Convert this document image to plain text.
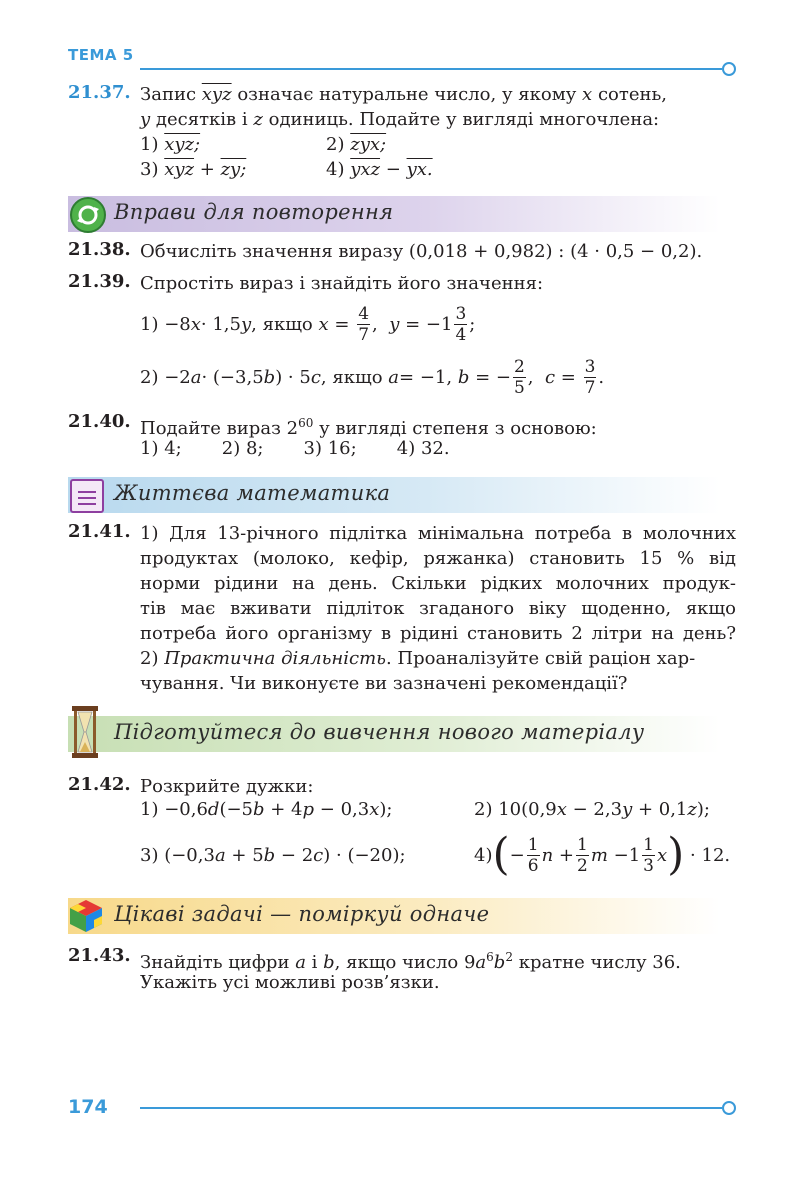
ТЕМА 5
21.37. Запис $\overline{xyz}$ означає натуральне число, у якому x сотень,
y десятків і z одиниць. Подайте у вигляді многочлена:
1) xyz;	2) zyx;
3) $\overline{xyz}$ + zy;	4) $\overline{yxz}$ − yx.
Вправи для повторення
21.38. Обчисліть значення виразу (0,018 + 0,982) : (4 · 0,5 − 0,2).
21.39. Спростіть вираз і знайдіть його значення:
1) −8 x · 1,5 y , якщо
$x = \frac{4}{7}$ , $y = -1 \frac{3}{4}$ ;
2) −2 a · (−3,5 b ) · 5 c , якщо
a = −1,
b = − $\frac{2}{5}$ , $c = \frac{3}{7}$ .
21.40. Подайте вираз $2^{60}$ у вигляді степеня з основою:
1) 4;       2) 8;       3) 16;       4) 32.
Життєва математика
21.41. 1) Для 13-річного підлітка мінімальна потреба в молочних
продуктах (молоко, кефір, ряжанка) становить 15 % від
норми рідини на день. Скільки рідких молочних продук-
тів має вживати підліток згаданого віку щоденно, якщо
потреба його організму в рідині становить 2 літри на день?
2) Практична діяльність. Проаналізуйте свій раціон хар-
чування. Чи виконуєте ви зазначені рекомендації?
Підготуйтеся до вивчення нового матеріалу
21.42. Розкрийте дужки:
1) −0,6d(−5b + 4p − 0,3x);	2) 10(0,9x − 2,3y + 0,1z);
3) (−0,3a + 5b − 2c) · (−20);	4) ( − $\frac{1}{6}$ $n + \frac{1}{2}$ $m - 1 \frac{1}{3}$ x )
· 12.
Цікаві задачі — поміркуй одначе
21.43. Знайдіть цифри a і b, якщо число $9a^6b^2$ кратне числу 36.
Укажіть усі можливі розв’язки.
174
